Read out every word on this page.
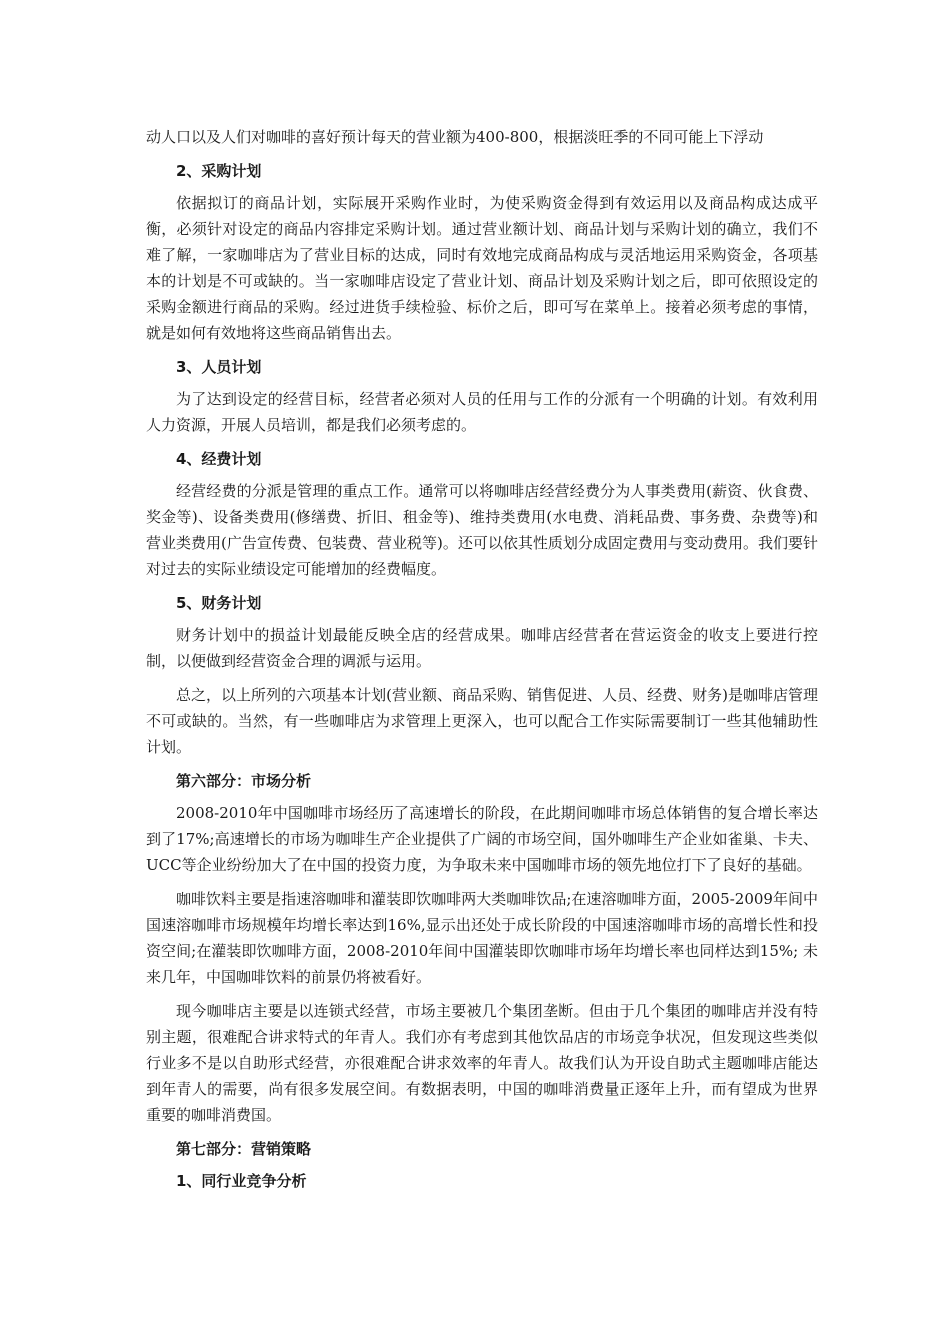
动人口以及人们对咖啡的喜好预计每天的营业额为400-800，根据淡旺季的不同可能上下浮动

2、采购计划

依据拟订的商品计划，实际展开采购作业时，为使采购资金得到有效运用以及商品构成达成平衡，必须针对设定的商品内容排定采购计划。通过营业额计划、商品计划与采购计划的确立，我们不难了解，一家咖啡店为了营业目标的达成，同时有效地完成商品构成与灵活地运用采购资金，各项基本的计划是不可或缺的。当一家咖啡店设定了营业计划、商品计划及采购计划之后，即可依照设定的采购金额进行商品的采购。经过进货手续检验、标价之后，即可写在菜单上。接着必须考虑的事情，就是如何有效地将这些商品销售出去。

3、人员计划

为了达到设定的经营目标，经营者必须对人员的任用与工作的分派有一个明确的计划。有效利用人力资源，开展人员培训，都是我们必须考虑的。

4、经费计划

经营经费的分派是管理的重点工作。通常可以将咖啡店经营经费分为人事类费用(薪资、伙食费、奖金等)、设备类费用(修缮费、折旧、租金等)、维持类费用(水电费、消耗品费、事务费、杂费等)和营业类费用(广告宣传费、包装费、营业税等)。还可以依其性质划分成固定费用与变动费用。我们要针对过去的实际业绩设定可能增加的经费幅度。

5、财务计划

财务计划中的损益计划最能反映全店的经营成果。咖啡店经营者在营运资金的收支上要进行控制，以便做到经营资金合理的调派与运用。

总之，以上所列的六项基本计划(营业额、商品采购、销售促进、人员、经费、财务)是咖啡店管理不可或缺的。当然，有一些咖啡店为求管理上更深入，也可以配合工作实际需要制订一些其他辅助性计划。

第六部分：市场分析

2008-2010年中国咖啡市场经历了高速增长的阶段，在此期间咖啡市场总体销售的复合增长率达到了17%;高速增长的市场为咖啡生产企业提供了广阔的市场空间，国外咖啡生产企业如雀巢、卡夫、UCC等企业纷纷加大了在中国的投资力度，为争取未来中国咖啡市场的领先地位打下了良好的基础。

咖啡饮料主要是指速溶咖啡和灌装即饮咖啡两大类咖啡饮品;在速溶咖啡方面，2005-2009年间中国速溶咖啡市场规模年均增长率达到16%,显示出还处于成长阶段的中国速溶咖啡市场的高增长性和投资空间;在灌装即饮咖啡方面，2008-2010年间中国灌装即饮咖啡市场年均增长率也同样达到15%; 未来几年，中国咖啡饮料的前景仍将被看好。

现今咖啡店主要是以连锁式经营，市场主要被几个集团垄断。但由于几个集团的咖啡店并没有特别主题，很难配合讲求特式的年青人。我们亦有考虑到其他饮品店的市场竞争状况，但发现这些类似行业多不是以自助形式经营，亦很难配合讲求效率的年青人。故我们认为开设自助式主题咖啡店能达到年青人的需要，尚有很多发展空间。有数据表明，中国的咖啡消费量正逐年上升，而有望成为世界重要的咖啡消费国。

第七部分：营销策略
1、同行业竞争分析
